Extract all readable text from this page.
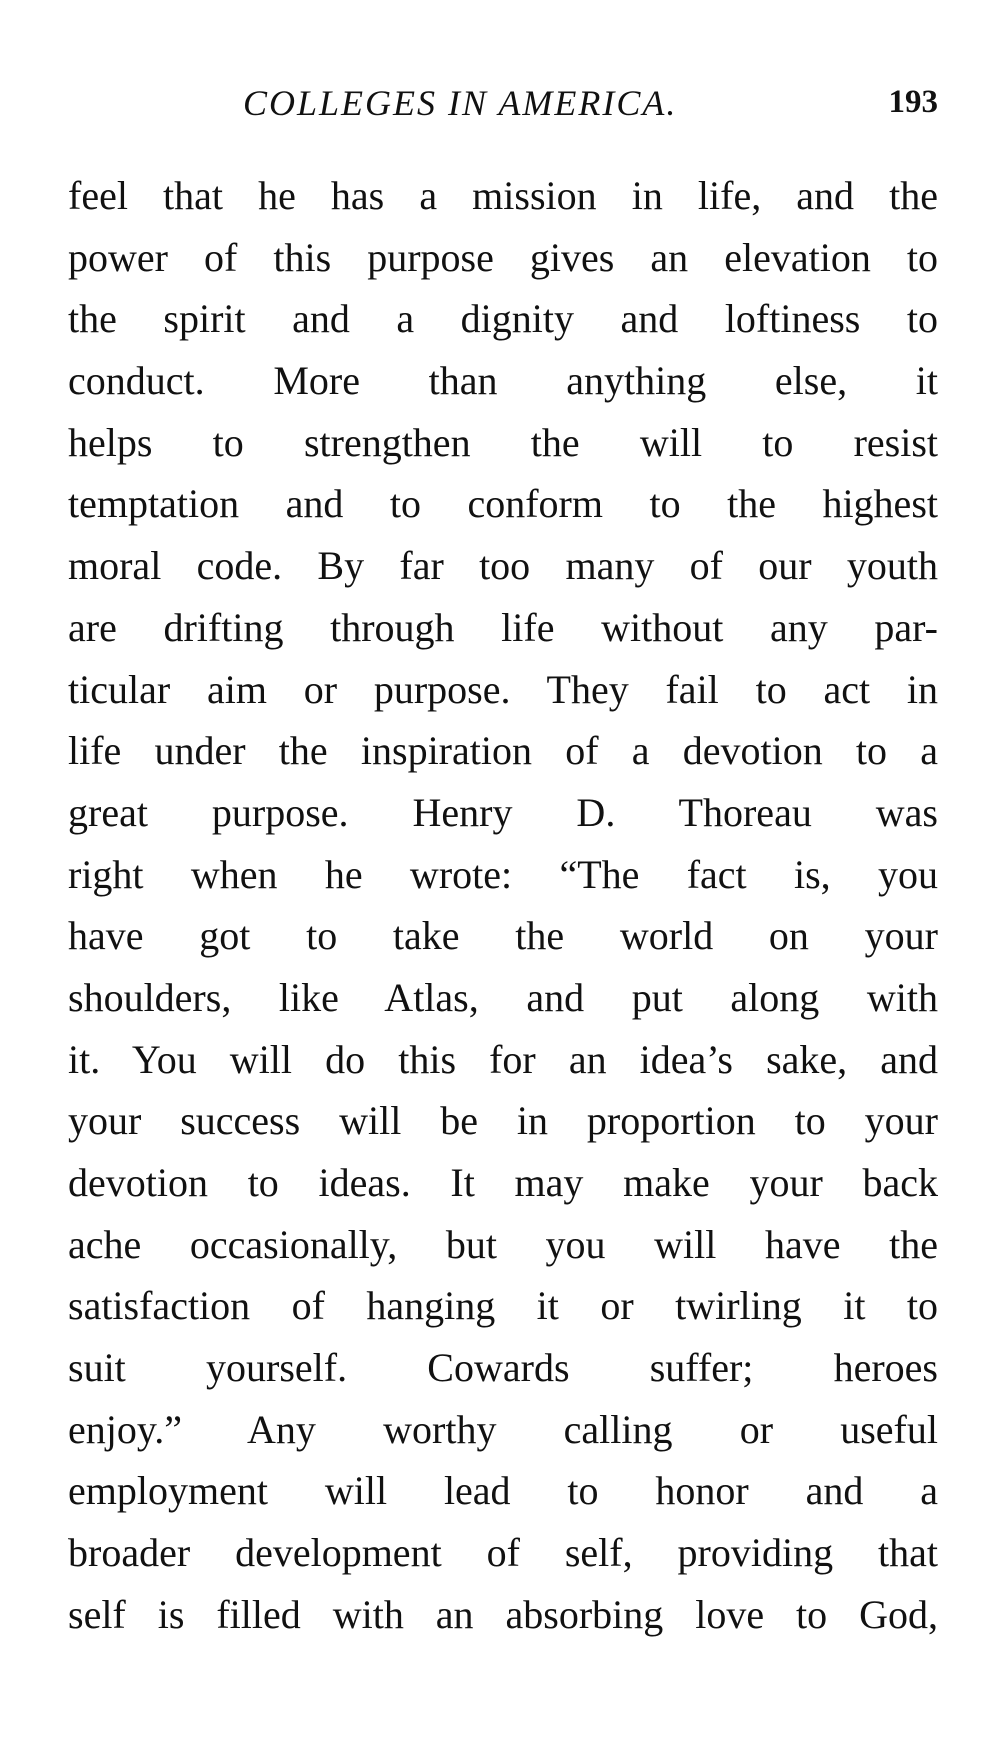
COLLEGES IN AMERICA.	193
feel that he has a mission in life, and the
power of this purpose gives an elevation to
the spirit and a dignity and loftiness to
conduct. More than anything else, it
helps to strengthen the will to resist
temptation and to conform to the highest
moral code. By far too many of our youth
are drifting through life without any par-
ticular aim or purpose. They fail to act in
life under the inspiration of a devotion to a
great purpose. Henry D. Thoreau was
right when he wrote: “The fact is, you
have got to take the world on your
shoulders, like Atlas, and put along with
it. You will do this for an idea’s sake, and
your success will be in proportion to your
devotion to ideas. It may make your back
ache occasionally, but you will have the
satisfaction of hanging it or twirling it to
suit yourself. Cowards suffer; heroes
enjoy.” Any worthy calling or useful
employment will lead to honor and a
broader development of self, providing that
self is filled with an absorbing love to God,
